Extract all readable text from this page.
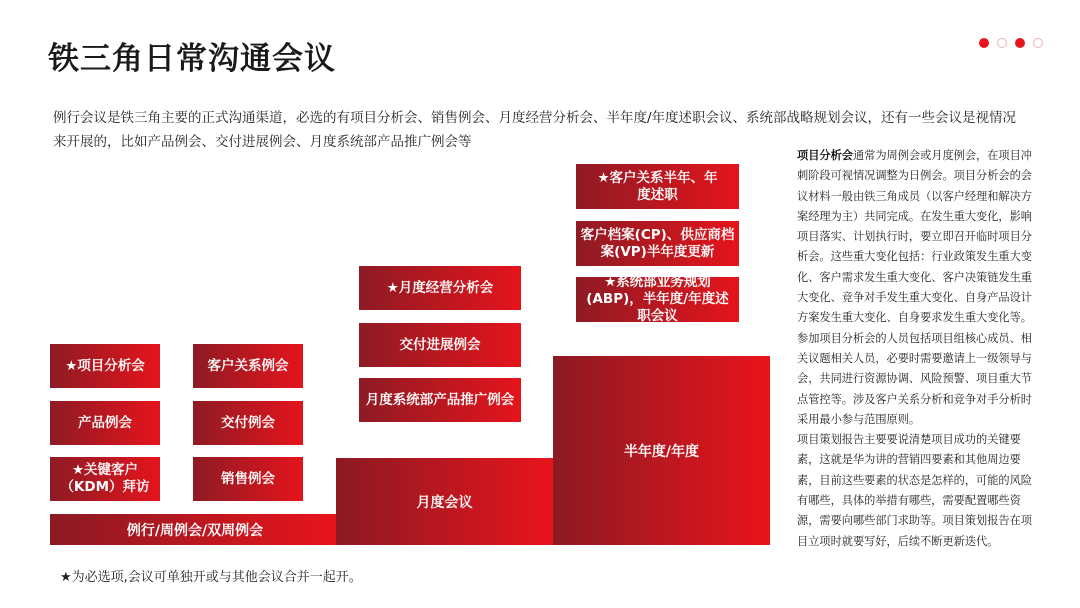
铁三角日常沟通会议

例行会议是铁三角主要的正式沟通渠道，必选的有项目分析会、销售例会、月度经营分析会、半年度/年度述职会议、系统部战略规划会议，还有一些会议是视情况来开展的，比如产品例会、交付进展例会、月度系统部产品推广例会等

例行/周例会/双周例会
月度会议
半年度/年度
★项目分析会	客户关系例会
产品例会	交付例会
★关键客户（KDM）拜访
销售例会
★月度经营分析会
交付进展例会
月度系统部产品推广例会
★客户关系半年、年度述职
客户档案(CP)、供应商档案(VP)半年度更新
★系统部业务规划(ABP)，半年度/年度述职会议
项目分析会通常为周例会或月度例会，在项目冲刺阶段可视情况调整为日例会。项目分析会的会议材料一般由铁三角成员（以客户经理和解决方案经理为主）共同完成。在发生重大变化，影响项目落实、计划执行时，要立即召开临时项目分析会。这些重大变化包括：行业政策发生重大变化、客户需求发生重大变化、客户决策链发生重大变化、竞争对手发生重大变化、自身产品设计方案发生重大变化、自身要求发生重大变化等。参加项目分析会的人员包括项目组核心成员、相关议题相关人员，必要时需要邀请上一级领导与会，共同进行资源协调、风险预警、项目重大节点管控等。涉及客户关系分析和竞争对手分析时采用最小参与范围原则。
项目策划报告主要要说清楚项目成功的关键要素，这就是华为讲的营销四要素和其他周边要素，目前这些要素的状态是怎样的，可能的风险有哪些，具体的举措有哪些，需要配置哪些资源，需要向哪些部门求助等。项目策划报告在项目立项时就要写好，后续不断更新迭代。

★为必选项,会议可单独开或与其他会议合并一起开。
